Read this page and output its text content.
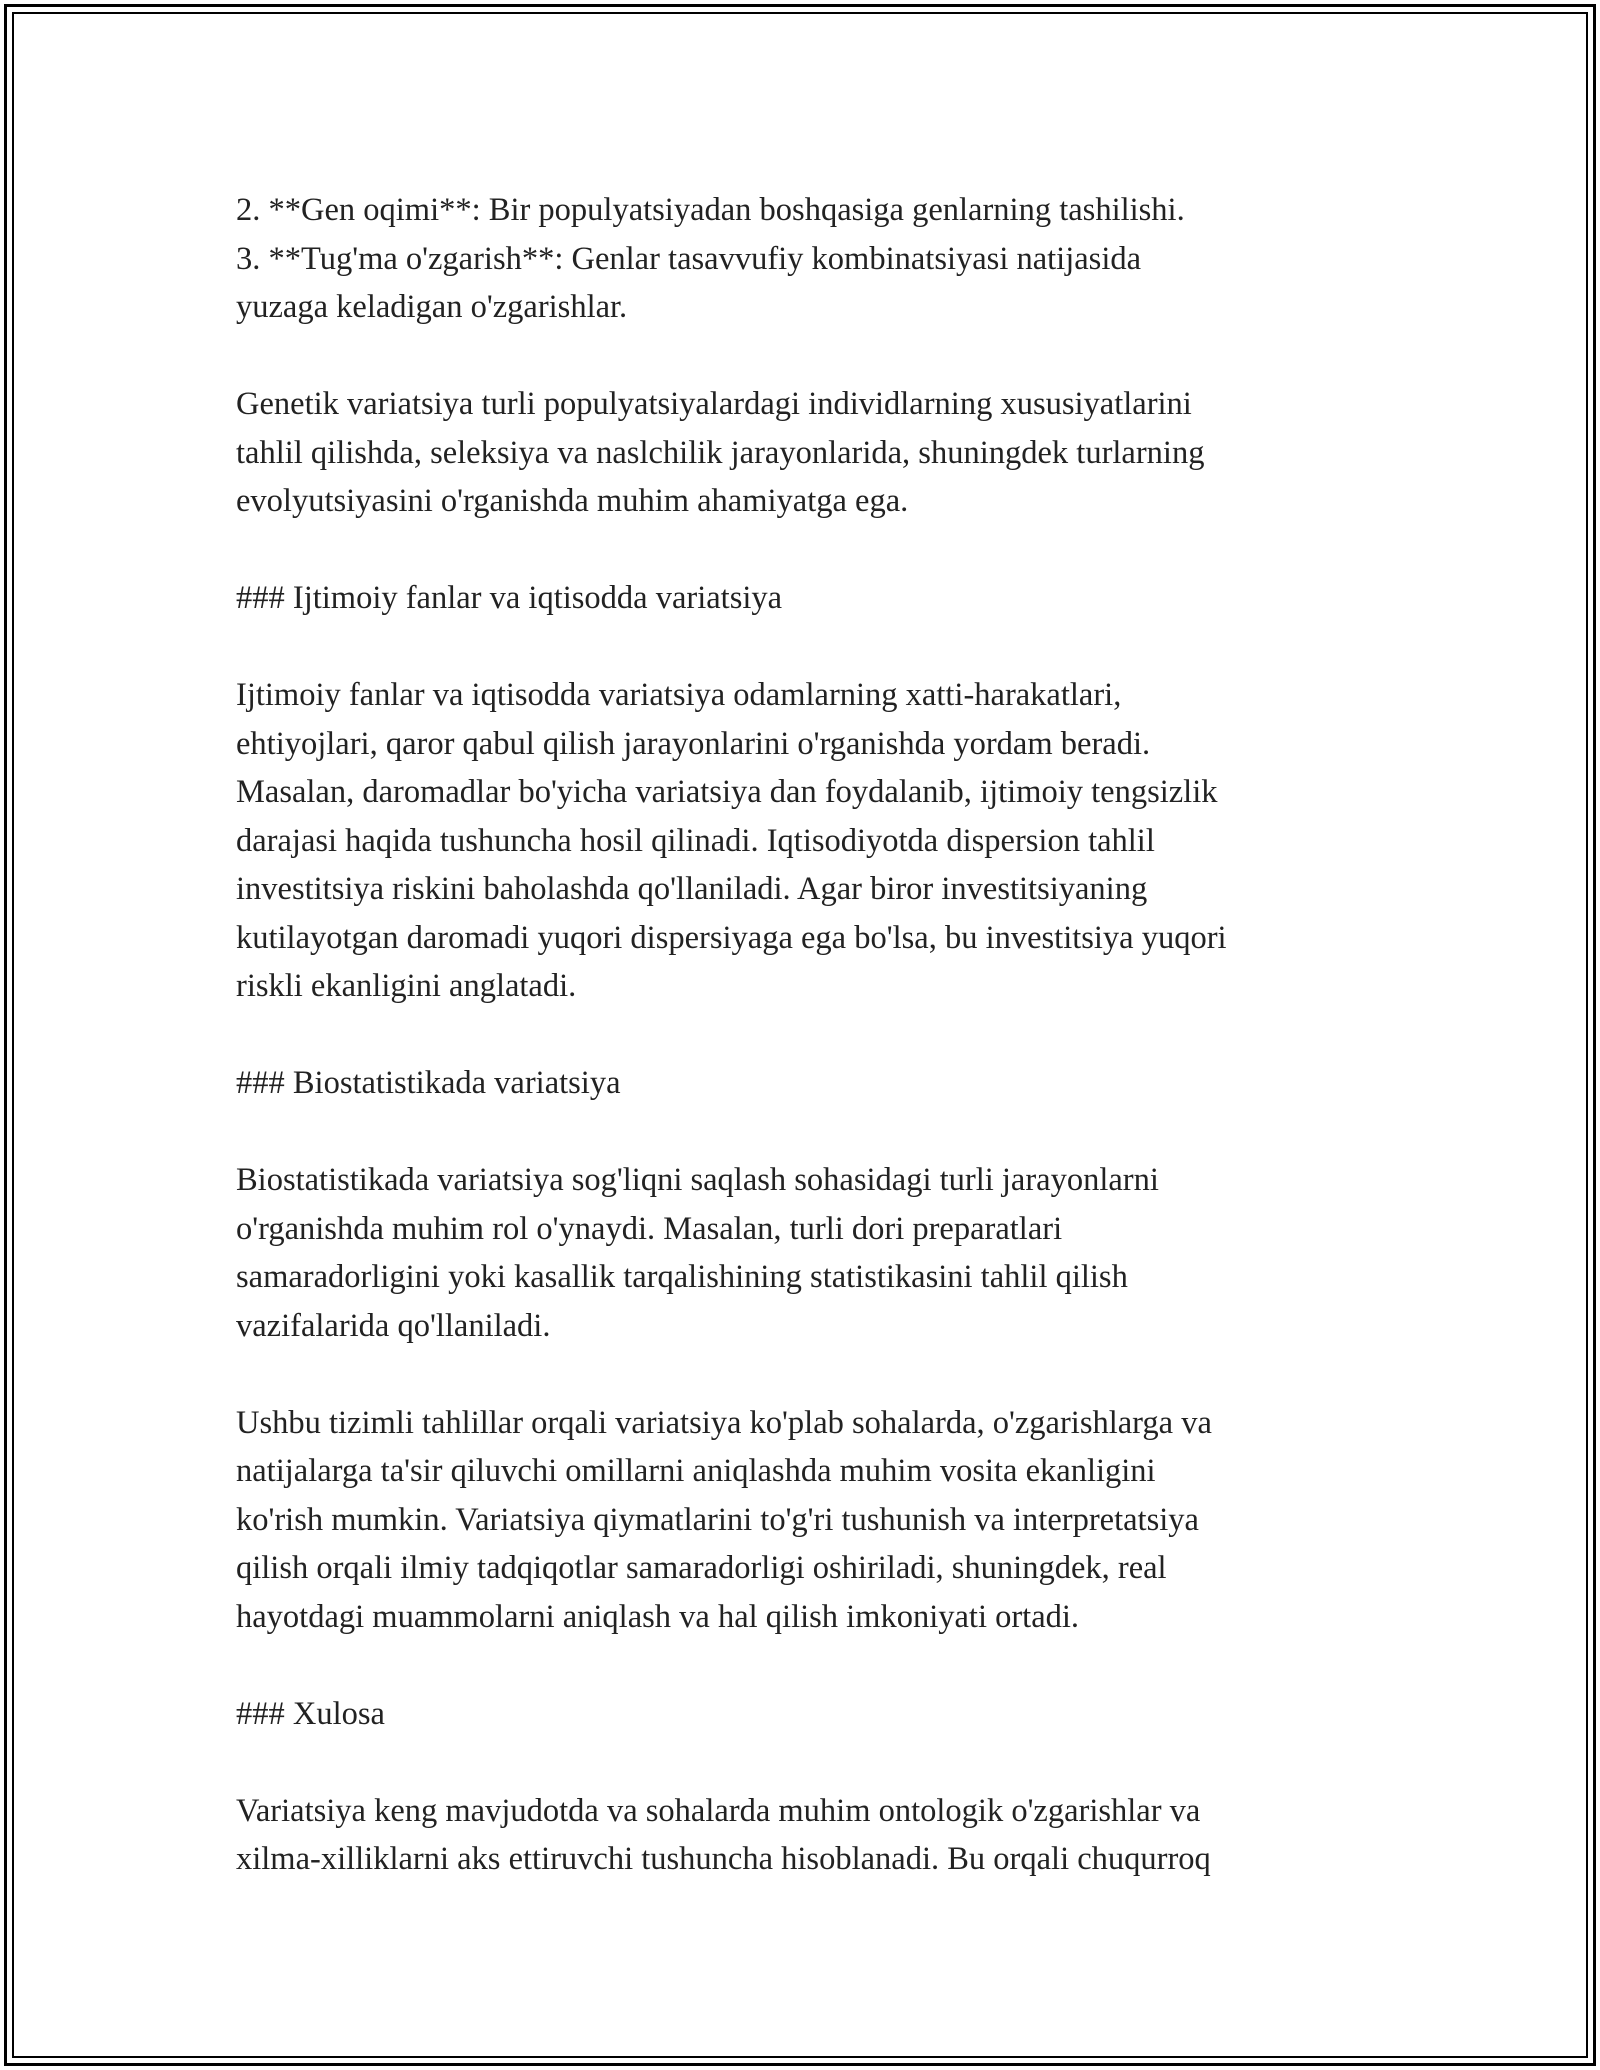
2. **Gen oqimi**: Bir populyatsiyadan boshqasiga genlarning tashilishi.
3. **Tug'ma o'zgarish**: Genlar tasavvufiy kombinatsiyasi natijasida
yuzaga keladigan o'zgarishlar.

Genetik variatsiya turli populyatsiyalardagi individlarning xususiyatlarini
tahlil qilishda, seleksiya va naslchilik jarayonlarida, shuningdek turlarning
evolyutsiyasini o'rganishda muhim ahamiyatga ega.

### Ijtimoiy fanlar va iqtisodda variatsiya

Ijtimoiy fanlar va iqtisodda variatsiya odamlarning xatti-harakatlari,
ehtiyojlari, qaror qabul qilish jarayonlarini o'rganishda yordam beradi.
Masalan, daromadlar bo'yicha variatsiya dan foydalanib, ijtimoiy tengsizlik
darajasi haqida tushuncha hosil qilinadi. Iqtisodiyotda dispersion tahlil
investitsiya riskini baholashda qo'llaniladi. Agar biror investitsiyaning
kutilayotgan daromadi yuqori dispersiyaga ega bo'lsa, bu investitsiya yuqori
riskli ekanligini anglatadi.

### Biostatistikada variatsiya

Biostatistikada variatsiya sog'liqni saqlash sohasidagi turli jarayonlarni
o'rganishda muhim rol o'ynaydi. Masalan, turli dori preparatlari
samaradorligini yoki kasallik tarqalishining statistikasini tahlil qilish
vazifalarida qo'llaniladi.

Ushbu tizimli tahlillar orqali variatsiya ko'plab sohalarda, o'zgarishlarga va
natijalarga ta'sir qiluvchi omillarni aniqlashda muhim vosita ekanligini
ko'rish mumkin. Variatsiya qiymatlarini to'g'ri tushunish va interpretatsiya
qilish orqali ilmiy tadqiqotlar samaradorligi oshiriladi, shuningdek, real
hayotdagi muammolarni aniqlash va hal qilish imkoniyati ortadi.

### Xulosa

Variatsiya keng mavjudotda va sohalarda muhim ontologik o'zgarishlar va
xilma-xilliklarni aks ettiruvchi tushuncha hisoblanadi. Bu orqali chuqurroq
